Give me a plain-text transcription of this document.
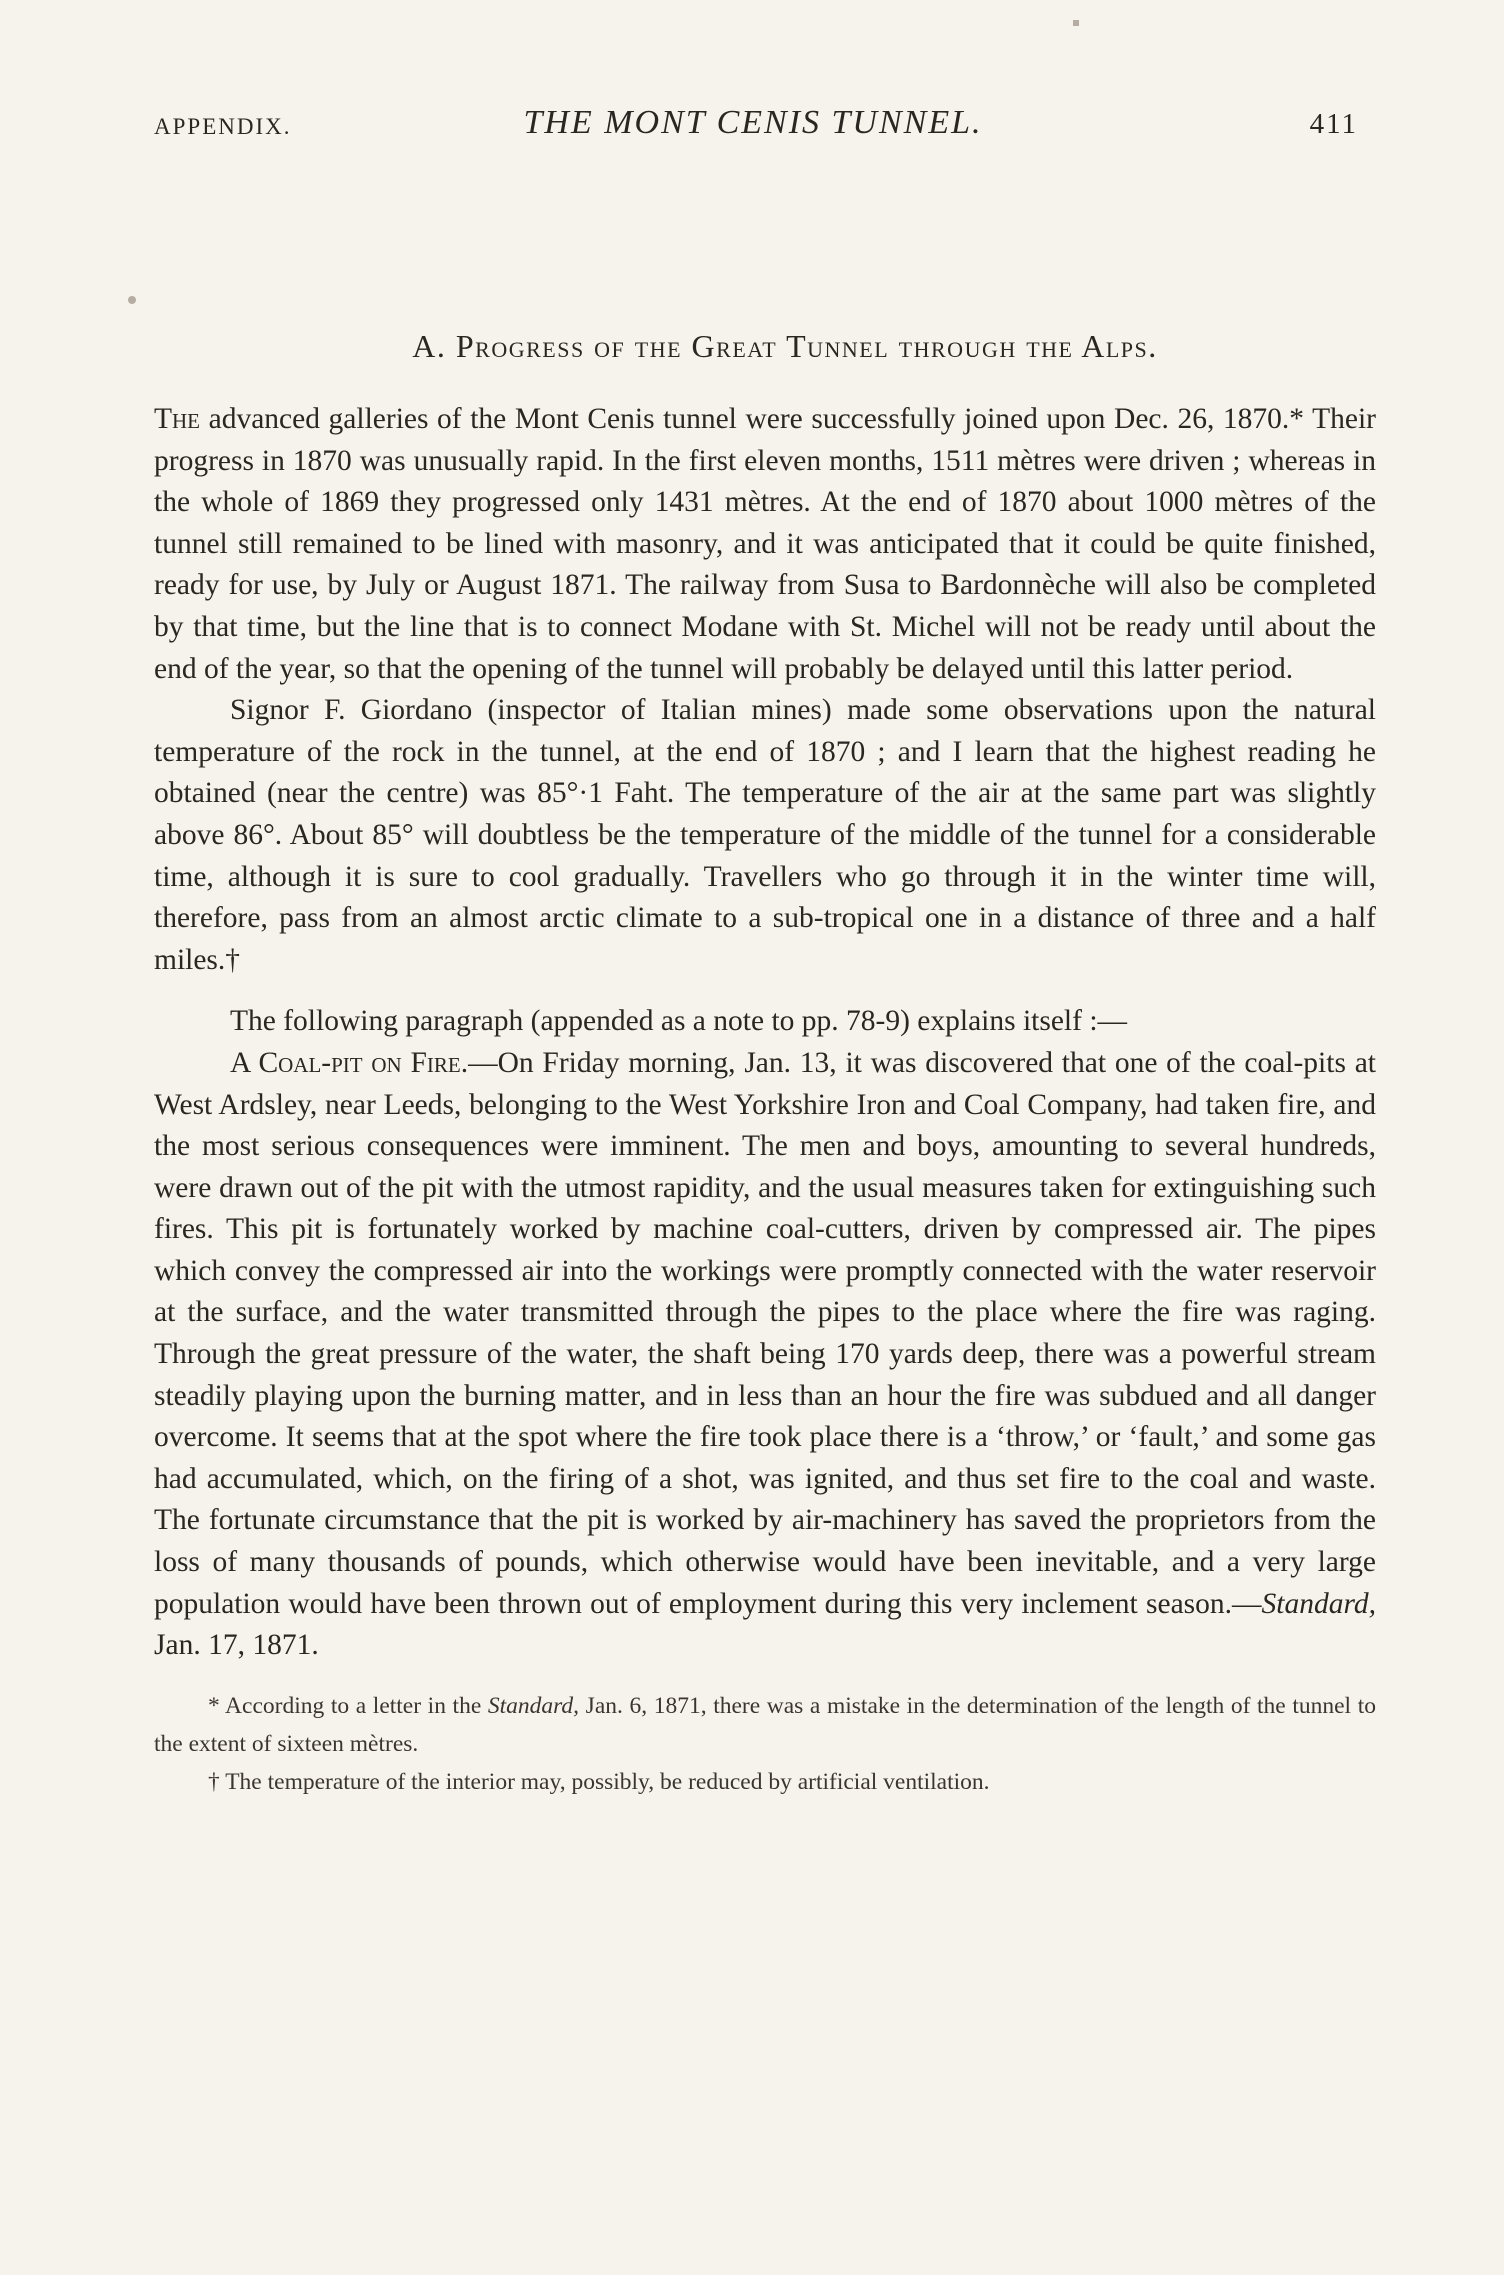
APPENDIX.	THE MONT CENIS TUNNEL.	411
A. Progress of the Great Tunnel through the Alps.

The advanced galleries of the Mont Cenis tunnel were successfully joined upon Dec. 26, 1870.* Their progress in 1870 was unusually rapid. In the first eleven months, 1511 mètres were driven ; whereas in the whole of 1869 they progressed only 1431 mètres. At the end of 1870 about 1000 mètres of the tunnel still remained to be lined with masonry, and it was anticipated that it could be quite finished, ready for use, by July or August 1871. The railway from Susa to Bardonnèche will also be completed by that time, but the line that is to connect Modane with St. Michel will not be ready until about the end of the year, so that the opening of the tunnel will probably be delayed until this latter period.

Signor F. Giordano (inspector of Italian mines) made some observations upon the natural temperature of the rock in the tunnel, at the end of 1870 ; and I learn that the highest reading he obtained (near the centre) was 85°·1 Faht. The temperature of the air at the same part was slightly above 86°. About 85° will doubtless be the temperature of the middle of the tunnel for a considerable time, although it is sure to cool gradually. Travellers who go through it in the winter time will, therefore, pass from an almost arctic climate to a sub-tropical one in a distance of three and a half miles.†

The following paragraph (appended as a note to pp. 78-9) explains itself :—

A Coal-pit on Fire.—On Friday morning, Jan. 13, it was discovered that one of the coal-pits at West Ardsley, near Leeds, belonging to the West Yorkshire Iron and Coal Company, had taken fire, and the most serious consequences were imminent. The men and boys, amounting to several hundreds, were drawn out of the pit with the utmost rapidity, and the usual measures taken for extinguishing such fires. This pit is fortunately worked by machine coal-cutters, driven by compressed air. The pipes which convey the compressed air into the workings were promptly connected with the water reservoir at the surface, and the water transmitted through the pipes to the place where the fire was raging. Through the great pressure of the water, the shaft being 170 yards deep, there was a powerful stream steadily playing upon the burning matter, and in less than an hour the fire was subdued and all danger overcome. It seems that at the spot where the fire took place there is a ‘throw,’ or ‘fault,’ and some gas had accumulated, which, on the firing of a shot, was ignited, and thus set fire to the coal and waste. The fortunate circumstance that the pit is worked by air-machinery has saved the proprietors from the loss of many thousands of pounds, which otherwise would have been inevitable, and a very large population would have been thrown out of employment during this very inclement season.—Standard, Jan. 17, 1871.

* According to a letter in the Standard, Jan. 6, 1871, there was a mistake in the determination of the length of the tunnel to the extent of sixteen mètres.

† The temperature of the interior may, possibly, be reduced by artificial ventilation.
